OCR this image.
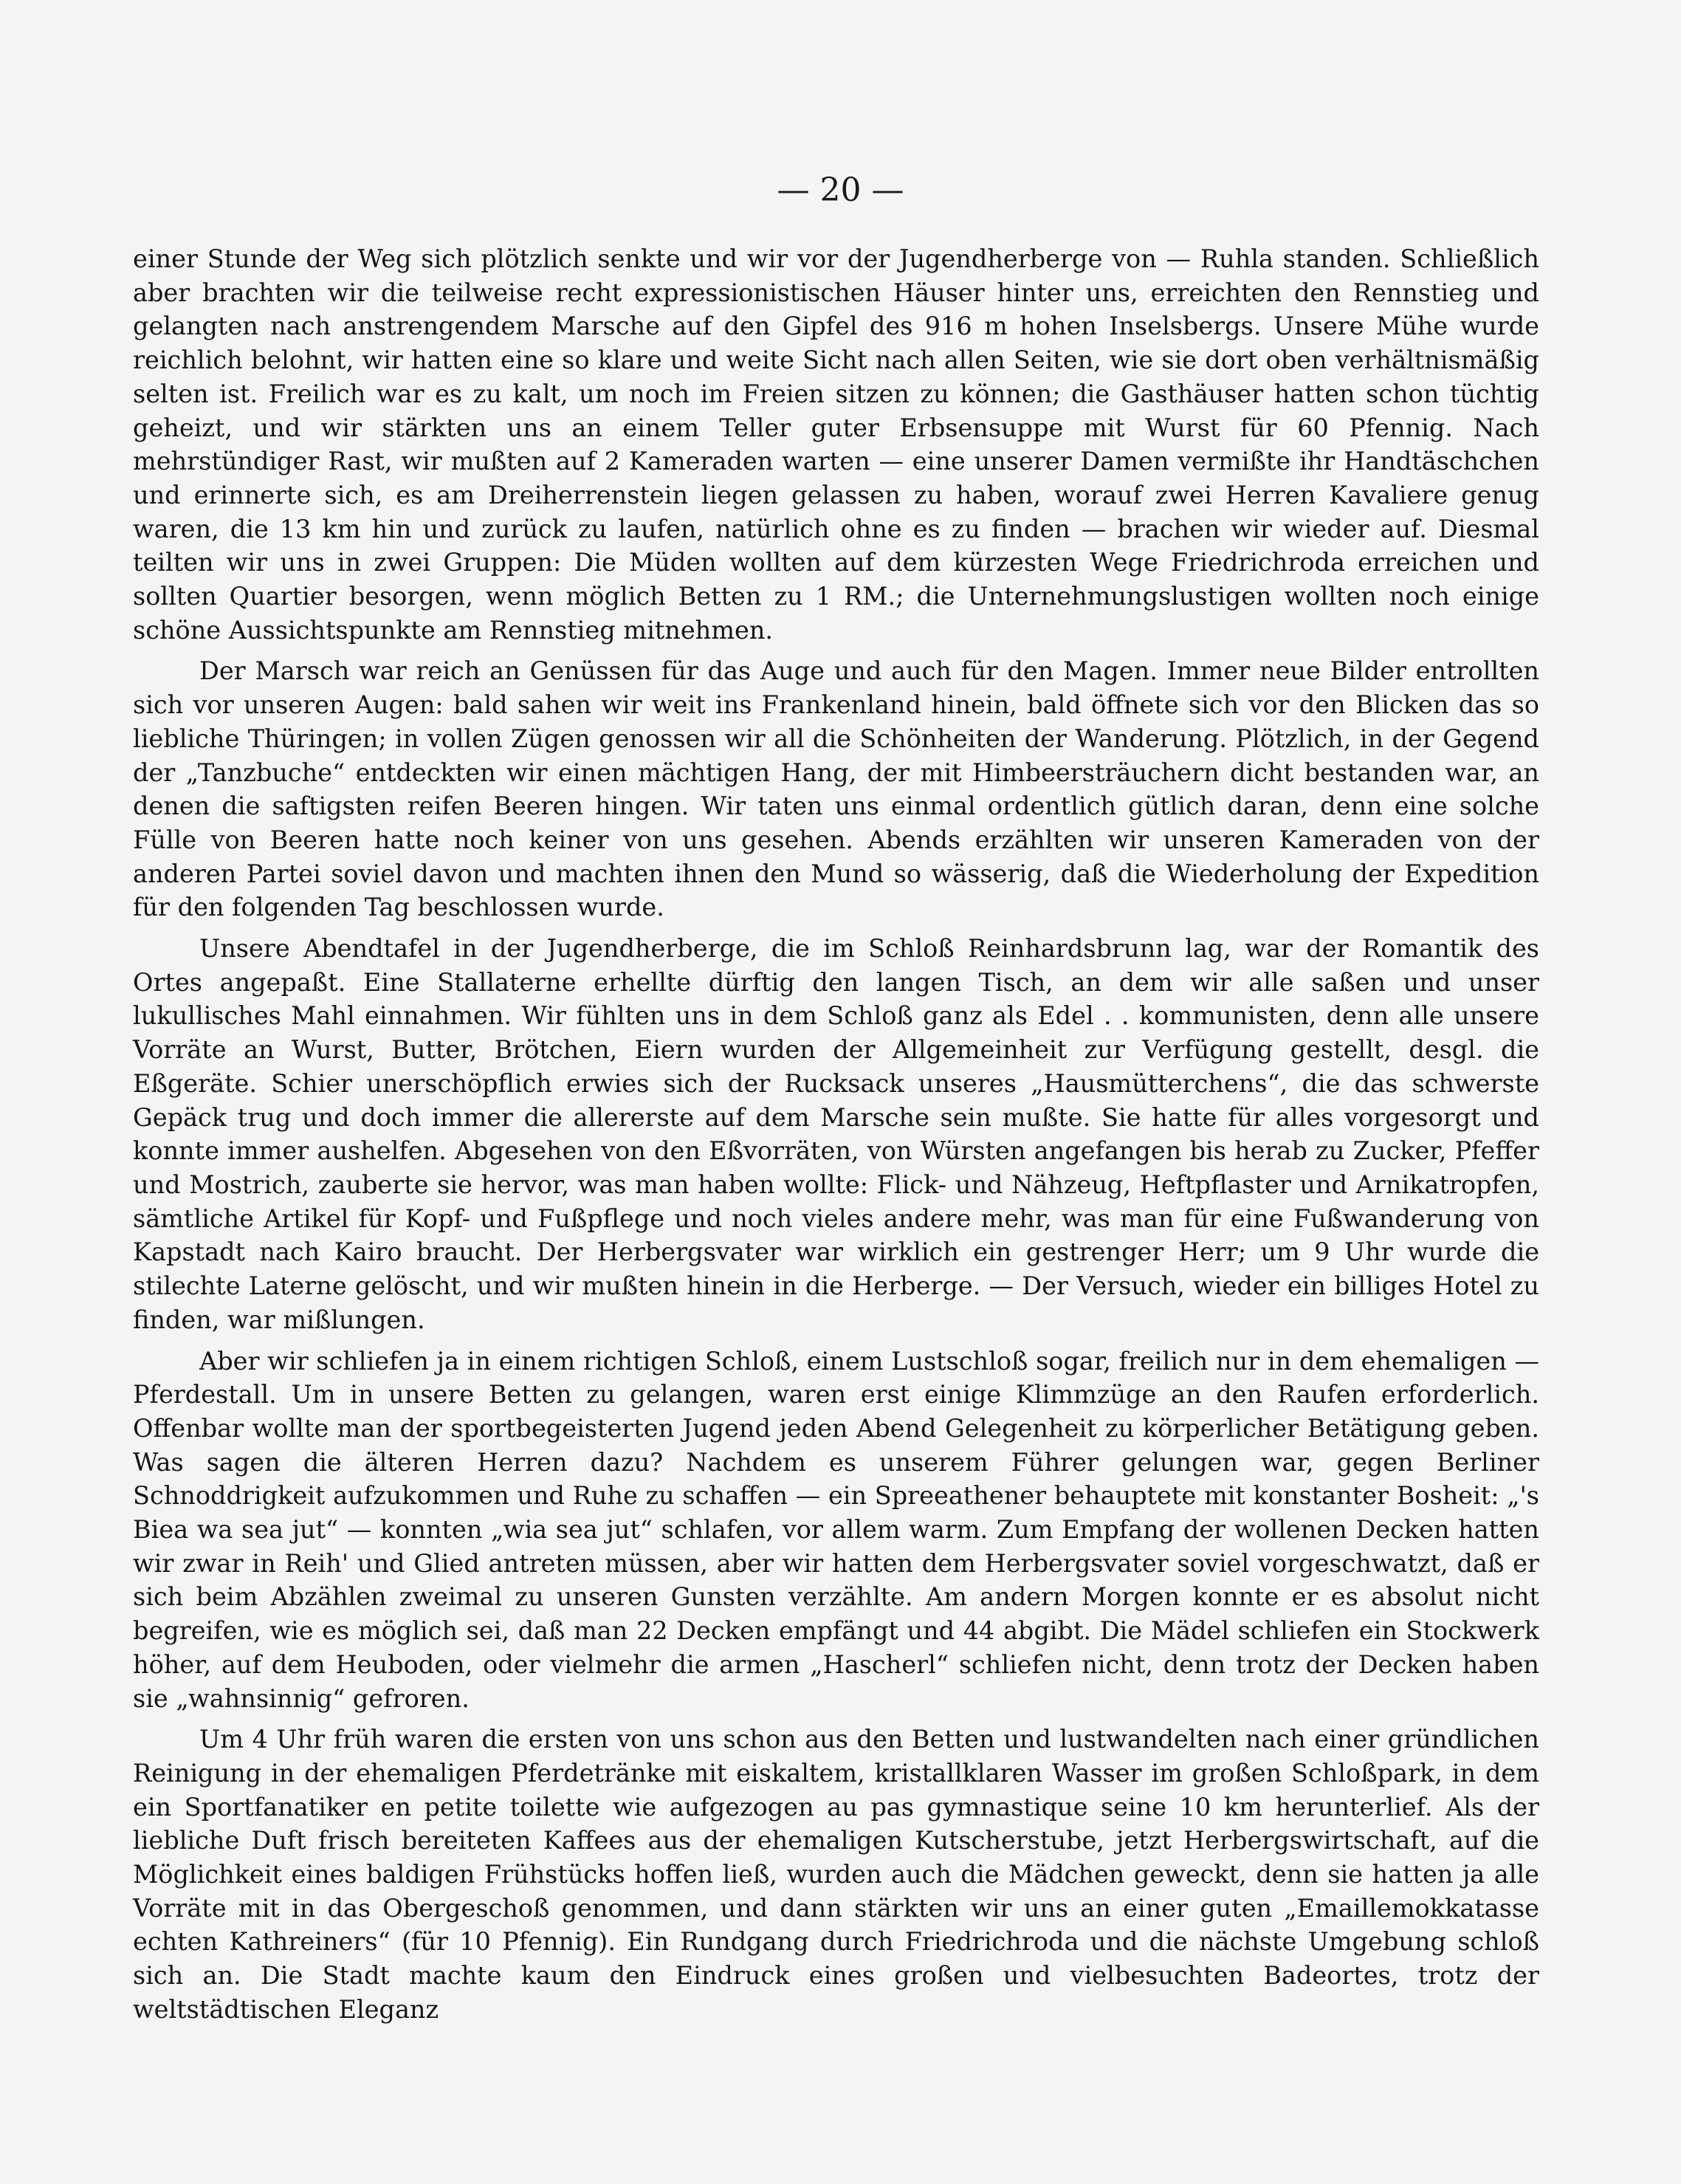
— 20 —

einer Stunde der Weg sich plötzlich senkte und wir vor der Jugendherberge von — Ruhla standen. Schließlich aber brachten wir die teilweise recht expressionistischen Häuser hinter uns, erreichten den Rennstieg und gelangten nach anstrengendem Marsche auf den Gipfel des 916 m hohen Inselsbergs. Unsere Mühe wurde reichlich belohnt, wir hatten eine so klare und weite Sicht nach allen Seiten, wie sie dort oben verhältnismäßig selten ist. Freilich war es zu kalt, um noch im Freien sitzen zu können; die Gasthäuser hatten schon tüchtig geheizt, und wir stärkten uns an einem Teller guter Erbsensuppe mit Wurst für 60 Pfennig. Nach mehrstündiger Rast, wir mußten auf 2 Kameraden warten — eine unserer Damen vermißte ihr Handtäschchen und erinnerte sich, es am Dreiherrenstein liegen gelassen zu haben, worauf zwei Herren Kavaliere genug waren, die 13 km hin und zurück zu laufen, natürlich ohne es zu finden — brachen wir wieder auf. Diesmal teilten wir uns in zwei Gruppen: Die Müden wollten auf dem kürzesten Wege Friedrichroda erreichen und sollten Quartier besorgen, wenn möglich Betten zu 1 RM.; die Unternehmungslustigen wollten noch einige schöne Aussichtspunkte am Rennstieg mitnehmen.

Der Marsch war reich an Genüssen für das Auge und auch für den Magen. Immer neue Bilder entrollten sich vor unseren Augen: bald sahen wir weit ins Frankenland hinein, bald öffnete sich vor den Blicken das so liebliche Thüringen; in vollen Zügen genossen wir all die Schönheiten der Wanderung. Plötzlich, in der Gegend der „Tanzbuche“ entdeckten wir einen mächtigen Hang, der mit Himbeersträuchern dicht bestanden war, an denen die saftigsten reifen Beeren hingen. Wir taten uns einmal ordentlich gütlich daran, denn eine solche Fülle von Beeren hatte noch keiner von uns gesehen. Abends erzählten wir unseren Kameraden von der anderen Partei soviel davon und machten ihnen den Mund so wässerig, daß die Wiederholung der Expedition für den folgenden Tag beschlossen wurde.

Unsere Abendtafel in der Jugendherberge, die im Schloß Reinhardsbrunn lag, war der Romantik des Ortes angepaßt. Eine Stallaterne erhellte dürftig den langen Tisch, an dem wir alle saßen und unser lukullisches Mahl einnahmen. Wir fühlten uns in dem Schloß ganz als Edel . . kommunisten, denn alle unsere Vorräte an Wurst, Butter, Brötchen, Eiern wurden der Allgemeinheit zur Verfügung gestellt, desgl. die Eßgeräte. Schier unerschöpflich erwies sich der Rucksack unseres „Hausmütterchens“, die das schwerste Gepäck trug und doch immer die allererste auf dem Marsche sein mußte. Sie hatte für alles vorgesorgt und konnte immer aushelfen. Abgesehen von den Eßvorräten, von Würsten angefangen bis herab zu Zucker, Pfeffer und Mostrich, zauberte sie hervor, was man haben wollte: Flick- und Nähzeug, Heftpflaster und Arnikatropfen, sämtliche Artikel für Kopf- und Fußpflege und noch vieles andere mehr, was man für eine Fußwanderung von Kapstadt nach Kairo braucht. Der Herbergsvater war wirklich ein gestrenger Herr; um 9 Uhr wurde die stilechte Laterne gelöscht, und wir mußten hinein in die Herberge. — Der Versuch, wieder ein billiges Hotel zu finden, war mißlungen.

Aber wir schliefen ja in einem richtigen Schloß, einem Lustschloß sogar, freilich nur in dem ehemaligen — Pferdestall. Um in unsere Betten zu gelangen, waren erst einige Klimmzüge an den Raufen erforderlich. Offenbar wollte man der sportbegeisterten Jugend jeden Abend Gelegenheit zu körperlicher Betätigung geben. Was sagen die älteren Herren dazu? Nachdem es unserem Führer gelungen war, gegen Berliner Schnoddrigkeit aufzukommen und Ruhe zu schaffen — ein Spreeathener behauptete mit konstanter Bosheit: „'s Biea wa sea jut“ — konnten „wia sea jut“ schlafen, vor allem warm. Zum Empfang der wollenen Decken hatten wir zwar in Reih' und Glied antreten müssen, aber wir hatten dem Herbergsvater soviel vorgeschwatzt, daß er sich beim Abzählen zweimal zu unseren Gunsten verzählte. Am andern Morgen konnte er es absolut nicht begreifen, wie es möglich sei, daß man 22 Decken empfängt und 44 abgibt. Die Mädel schliefen ein Stockwerk höher, auf dem Heuboden, oder vielmehr die armen „Hascherl“ schliefen nicht, denn trotz der Decken haben sie „wahnsinnig“ gefroren.

Um 4 Uhr früh waren die ersten von uns schon aus den Betten und lustwandelten nach einer gründlichen Reinigung in der ehemaligen Pferdetränke mit eiskaltem, kristallklaren Wasser im großen Schloßpark, in dem ein Sportfanatiker en petite toilette wie aufgezogen au pas gymnastique seine 10 km herunterlief. Als der liebliche Duft frisch bereiteten Kaffees aus der ehemaligen Kutscherstube, jetzt Herbergswirtschaft, auf die Möglichkeit eines baldigen Frühstücks hoffen ließ, wurden auch die Mädchen geweckt, denn sie hatten ja alle Vorräte mit in das Obergeschoß genommen, und dann stärkten wir uns an einer guten „Emaillemokkatasse echten Kathreiners“ (für 10 Pfennig). Ein Rundgang durch Friedrichroda und die nächste Umgebung schloß sich an. Die Stadt machte kaum den Eindruck eines großen und vielbesuchten Badeortes, trotz der weltstädtischen Eleganz
